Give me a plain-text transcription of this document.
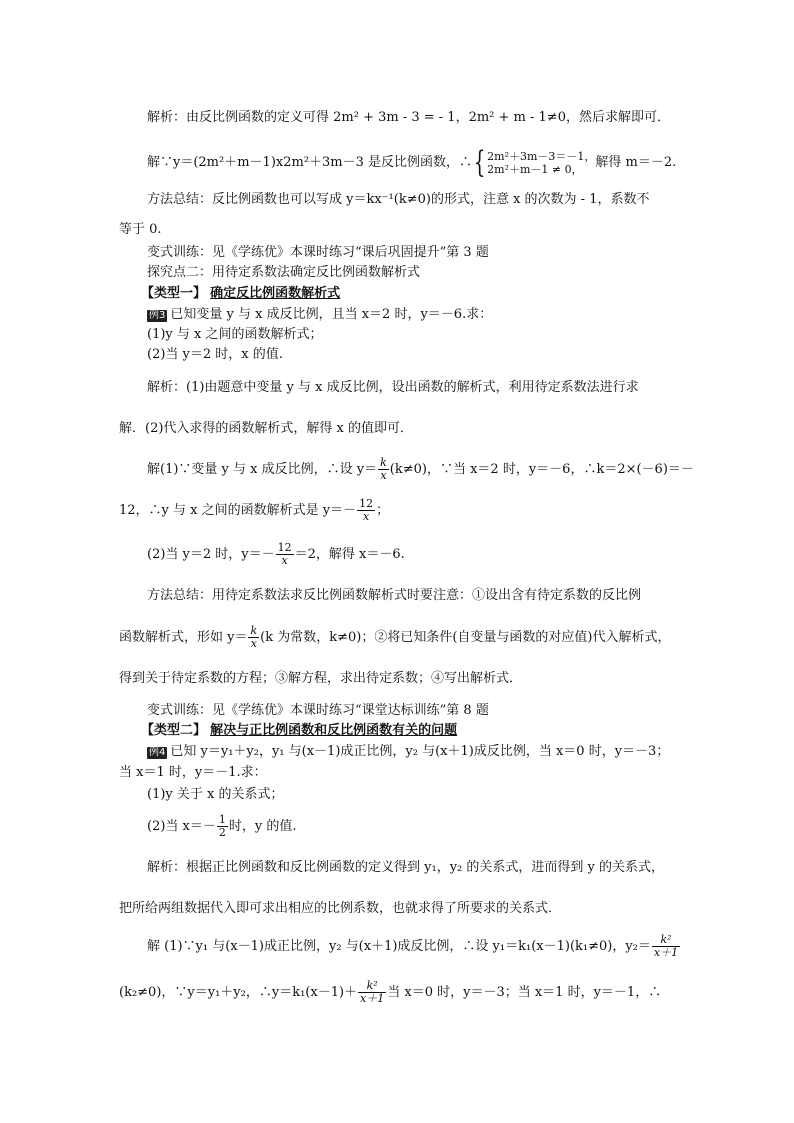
解析：由反比例函数的定义可得 2m² + 3m - 3 = - 1，2m² + m - 1≠0，然后求解即可．
解∵y＝(2m²＋m－1)x2m²＋3m－3 是反比例函数，∴{ 2m²＋3m－3＝－1，
2m²＋m－1 ≠ 0， 解得 m＝－2.
方法总结：反比例函数也可以写成 y＝kx⁻¹(k≠0)的形式，注意 x 的次数为 - 1，系数不
等于 0.
变式训练：见《学练优》本课时练习“课后巩固提升”第 3 题
探究点二：用待定系数法确定反比例函数解析式
【类型一】 确定反比例函数解析式
例3 已知变量 y 与 x 成反比例，且当 x＝2 时，y＝－6.求：
(1)y 与 x 之间的函数解析式；
(2)当 y＝2 时，x 的值.
解析：(1)由题意中变量 y 与 x 成反比例，设出函数的解析式，利用待定系数法进行求
解．(2)代入求得的函数解析式，解得 x 的值即可．
解(1)∵变量 y 与 x 成反比例，∴设 $y= \frac{k}{x} (k\ne 0)$，∵当 x＝2 时，y＝－6，∴k＝2×(－6)＝－
12，∴y 与 x 之间的函数解析式是 $y=- \frac{12}{x}$ ；
(2)当 y＝2 时，$y=- \frac{12}{x} =2$，解得 x＝－6.
方法总结：用待定系数法求反比例函数解析式时要注意：①设出含有待定系数的反比例
函数解析式，形如 $y= \frac{k}{x} (k$ 为常数，k≠0)；②将已知条件(自变量与函数的对应值)代入解析式，
得到关于待定系数的方程；③解方程，求出待定系数；④写出解析式．
变式训练：见《学练优》本课时练习“课堂达标训练”第 8 题
【类型二】 解决与正比例函数和反比例函数有关的问题
例4 已知 y＝y₁＋y₂，y₁ 与(x－1)成正比例，y₂ 与(x＋1)成反比例，当 x＝0 时，y＝－3；
当 x＝1 时，y＝－1.求：
(1)y 关于 x 的关系式；
(2)当 $x=- \frac{1}{2}$ 时，y 的值.
解析：根据正比例函数和反比例函数的定义得到 y₁，y₂ 的关系式，进而得到 y 的关系式，
把所给两组数据代入即可求出相应的比例系数，也就求得了所要求的关系式．
解 (1)∵y₁ 与(x－1)成正比例，y₂ 与(x＋1)成反比例，∴设 y₁＝k₁(x－1)(k₁≠0)，$y_2= \frac{\text{k²}}{x+1}$
(k₂≠0)，∵y＝y₁＋y₂，∴y＝k₁(x－1)＋ $\frac{\text{k²}}{x+1}$ 当 x＝0 时，y＝－3；当 x＝1 时，y＝－1，∴
